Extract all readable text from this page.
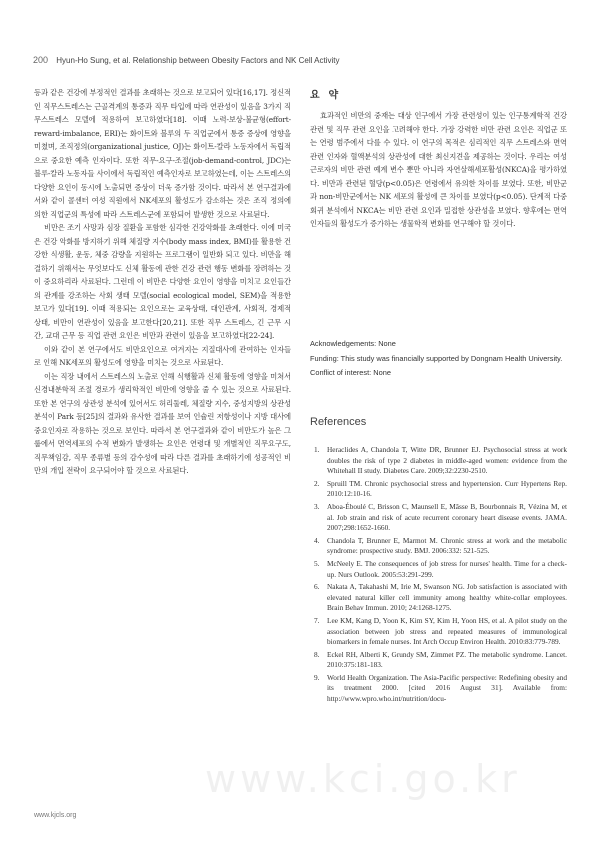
200 Hyun-Ho Sung, et al. Relationship between Obesity Factors and NK Cell Activity

등과 같은 건강에 부정적인 결과를 초래하는 것으로 보고되어 있다[16,17]. 정신적인 직무스트레스는 근골격계의 통증과 직무 타입에 따라 연관성이 있음을 3가지 직무스트레스 모델에 적용하여 보고하였다[18]. 이때 노력-보상-불균형(effort-reward-imbalance, ERI)는 화이트와 블루의 두 직업군에서 통증 증상에 영향을 미쳤며, 조직정의(organizational justice, OJ)는 화이트-칼라 노동자에서 독립적으로 중요한 예측 인자이다. 또한 직무-요구-조절(job-demand-control, JDC)는 블루-칼라 노동자들 사이에서 독립적인 예측인자로 보고하였는데, 이는 스트레스의 다양한 요인이 동시에 노출되면 증상이 더욱 증가함 것이다. 따라서 본 연구결과에서와 같이 콜센터 여성 직원에서 NK세포의 활성도가 감소하는 것은 조직 정의에 의한 직업군의 특성에 따라 스트레스군에 포함되어 발생한 것으로 사료된다.

비만은 조기 사망과 심장 질환을 포함한 심각한 건강악화를 초래한다. 이에 미국은 건강 악화를 방지하기 위해 체질량 지수(body mass index, BMI)를 활용한 건강한 식생활, 운동, 체중 감량을 지원하는 프로그램이 일반화 되고 있다. 비만을 해결하기 위해서는 무엇보다도 신체 활동에 관한 건강 관련 행동 변화를 장려하는 것이 중요하리라 사료된다. 그런데 이 비만은 다양한 요인이 영향을 미치고 요인들간의 관계를 강조하는 사회 생태 모델(social ecological model, SEM)을 적용한 보고가 있다[19]. 이때 적용되는 요인으로는 교육상태, 대인관계, 사회적, 경제적 상태, 비만이 연관성이 있음을 보고한다[20,21]. 또한 직무 스트레스, 긴 근무 시간, 교대 근무 등 직업 관련 요인은 비만과 관련이 있음을 보고하였다[22-24].

이와 같이 본 연구에서도 비만요인으로 여겨지는 지질대사에 관여하는 인자들로 인해 NK세포의 활성도에 영향을 미치는 것으로 사료된다.

이는 직장 내에서 스트레스의 노출로 인해 식행활과 신체 활동에 영향을 미쳐서 신경내분학적 조절 경로가 생리학적인 비만에 영향을 줄 수 있는 것으로 사료된다. 또한 본 연구의 상관성 분석에 있어서도 허리둘레, 체질량 지수, 중성지방의 상관성분석이 Park 등[25]의 결과와 유사한 결과를 보여 인슐린 저항성이나 지방 대사에 중요인자로 작용하는 것으로 보인다. 따라서 본 연구결과와 같이 비만도가 높은 그룹에서 면역세포의 수적 변화가 발생하는 요인은 연령대 및 개별적인 직무요구도, 직무책임감, 직무 종류별 등의 감수성에 따라 다른 결과를 초래하기에 성공적인 비만의 개입 전략이 요구되어야 할 것으로 사료된다.

요 약

효과적인 비만의 중재는 대상 인구에서 가장 관련성이 있는 인구통계학적 건강 관련 및 직무 관련 요인을 고려해야 한다. 가장 강력한 비만 관련 요인은 직업군 또는 연령 범주에서 다를 수 있다. 이 연구의 목적은 심리적인 직무 스트레스와 면역관련 인자와 혈액분석의 상관성에 대한 최신지견을 제공하는 것이다. 우리는 여성 근로자의 비만 관련 예계 변수 뿐만 아니라 자연살해세포활성(NKCA)을 평가하였다. 비만과 관련된 혈당(p<0.05)은 연령에서 유의한 차이를 보였다. 또한, 비만군과 non-비만군에서는 NK 세포의 활성에 큰 차이를 보였다(p<0.05). 단계적 다중 회귀 분석에서 NKCA는 비만 관련 요인과 밀접한 상관성을 보였다. 향후에는 면역인자들의 활성도가 증가하는 생물학적 변화를 연구해야 할 것이다.

Acknowledgements: None

Funding: This study was financially supported by Dongnam Health University.

Conflict of interest: None

References
1. Heraclides A, Chandola T, Witte DR, Brunner EJ. Psychosocial stress at work doubles the risk of type 2 diabetes in middle-aged women: evidence from the Whitehall II study. Diabetes Care. 2009;32:2230-2510.
2. Spruill TM. Chronic psychosocial stress and hypertension. Curr Hypertens Rep. 2010:12:10-16.
3. Aboa-Éboulé C, Brisson C, Maunsell E, Mâsse B, Bourbonnais R, Vézina M, et al. Job strain and risk of acute recurrent coronary heart disease events. JAMA. 2007;298:1652-1660.
4. Chandola T, Brunner E, Marmot M. Chronic stress at work and the metabolic syndrome: prospective study. BMJ. 2006:332: 521-525.
5. McNeely E. The consequences of job stress for nurses' health. Time for a check-up. Nurs Outlook. 2005:53:291-299.
6. Nakata A, Takahashi M, Irie M, Swanson NG. Job satisfaction is associated with elevated natural killer cell immunity among healthy white-collar employees. Brain Behav Immun. 2010; 24:1268-1275.
7. Lee KM, Kang D, Yoon K, Kim SY, Kim H, Yoon HS, et al. A pilot study on the association between job stress and repeated measures of immunological biomarkers in female nurses. Int Arch Occup Environ Health. 2010:83:779-789.
8. Eckel RH, Alberti K, Grundy SM, Zimmet PZ. The metabolic syndrome. Lancet. 2010:375:181-183.
9. World Health Organization. The Asia-Pacific perspective: Redefining obesity and its treatment 2000. [cited 2016 August 31]. Available from: http://www.wpro.who.int/nutrition/docu-
www.kci.go.kr
www.kjcls.org
